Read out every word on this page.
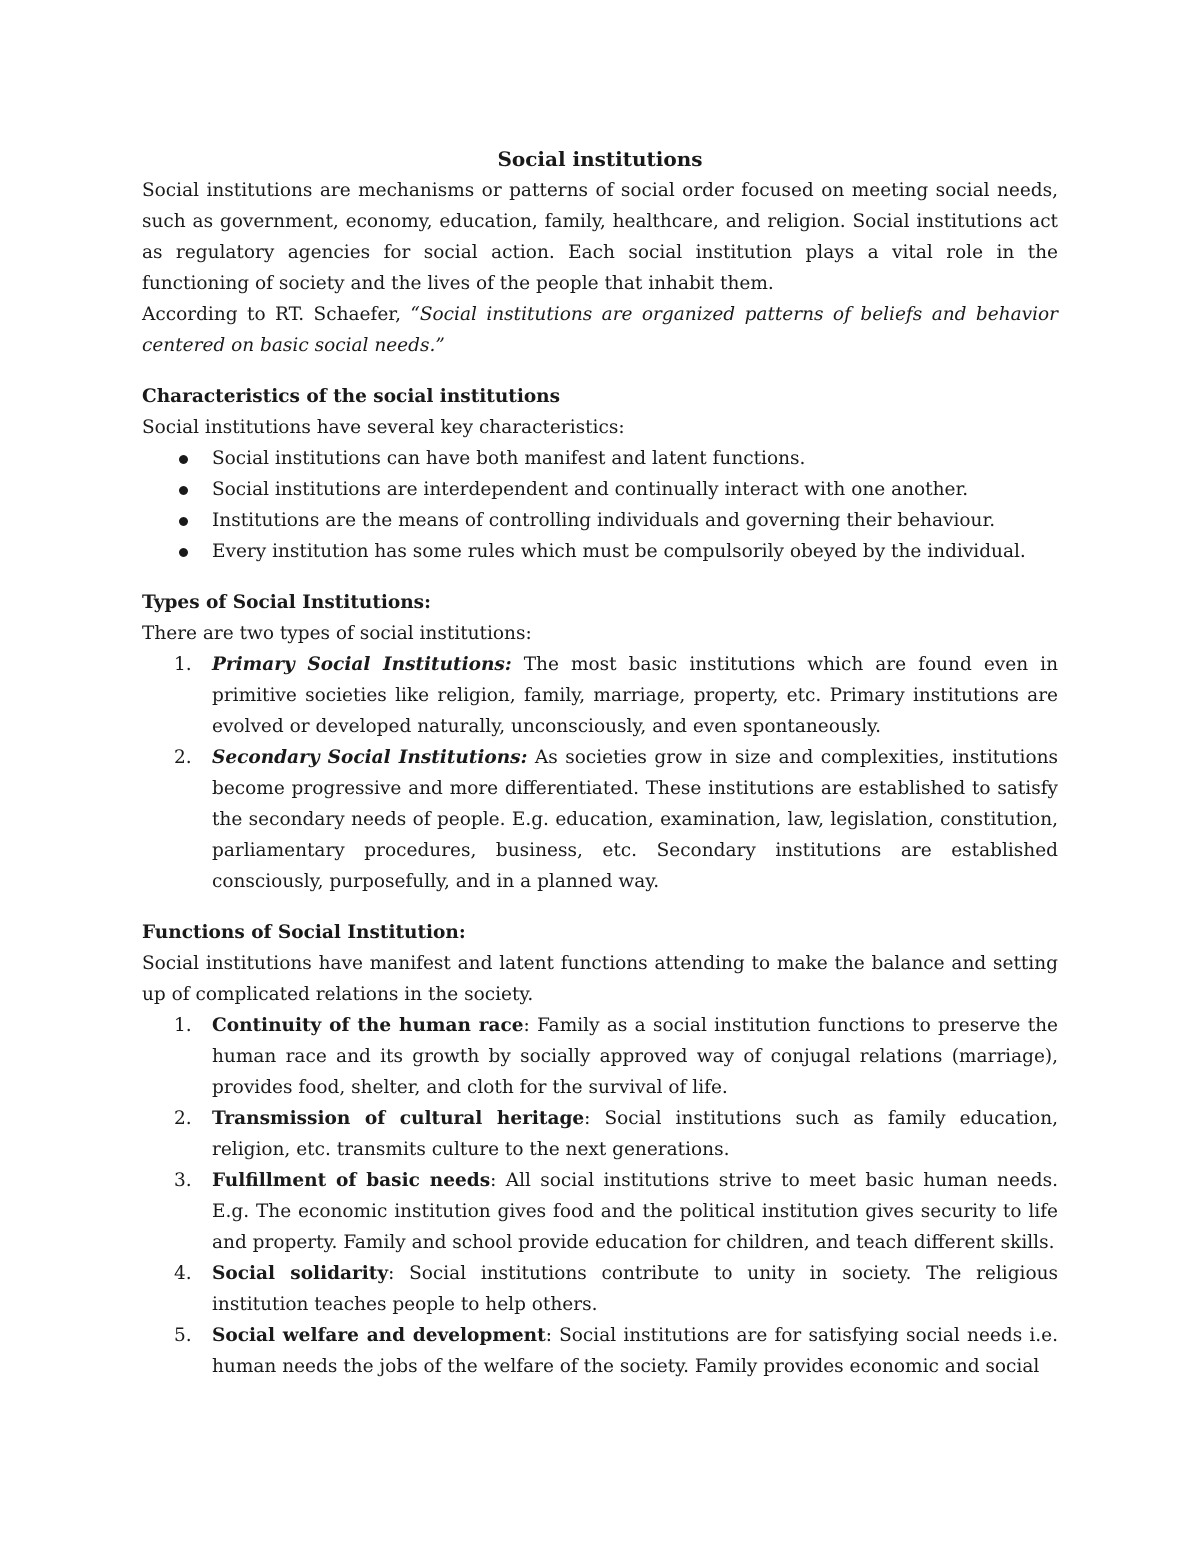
Social institutions

Social institutions are mechanisms or patterns of social order focused on meeting social needs, such as government, economy, education, family, healthcare, and religion. Social institutions act as regulatory agencies for social action. Each social institution plays a vital role in the functioning of society and the lives of the people that inhabit them.

According to RT. Schaefer, “Social institutions are organized patterns of beliefs and behavior centered on basic social needs.”

Characteristics of the social institutions

Social institutions have several key characteristics:

Social institutions can have both manifest and latent functions.
Social institutions are interdependent and continually interact with one another.
Institutions are the means of controlling individuals and governing their behaviour.
Every institution has some rules which must be compulsorily obeyed by the individual.
Types of Social Institutions:

There are two types of social institutions:

1. Primary Social Institutions: The most basic institutions which are found even in primitive societies like religion, family, marriage, property, etc. Primary institutions are evolved or developed naturally, unconsciously, and even spontaneously.
2. Secondary Social Institutions: As societies grow in size and complexities, institutions become progressive and more differentiated. These institutions are established to satisfy the secondary needs of people. E.g. education, examination, law, legislation, constitution, parliamentary procedures, business, etc. Secondary institutions are established consciously, purposefully, and in a planned way.
Functions of Social Institution:

Social institutions have manifest and latent functions attending to make the balance and setting up of complicated relations in the society.

1. Continuity of the human race: Family as a social institution functions to preserve the human race and its growth by socially approved way of conjugal relations (marriage), provides food, shelter, and cloth for the survival of life.
2. Transmission of cultural heritage: Social institutions such as family education, religion, etc. transmits culture to the next generations.
3. Fulfillment of basic needs: All social institutions strive to meet basic human needs. E.g. The economic institution gives food and the political institution gives security to life and property. Family and school provide education for children, and teach different skills.
4. Social solidarity: Social institutions contribute to unity in society. The religious institution teaches people to help others.
5. Social welfare and development: Social institutions are for satisfying social needs i.e. human needs the jobs of the welfare of the society. Family provides economic and social
